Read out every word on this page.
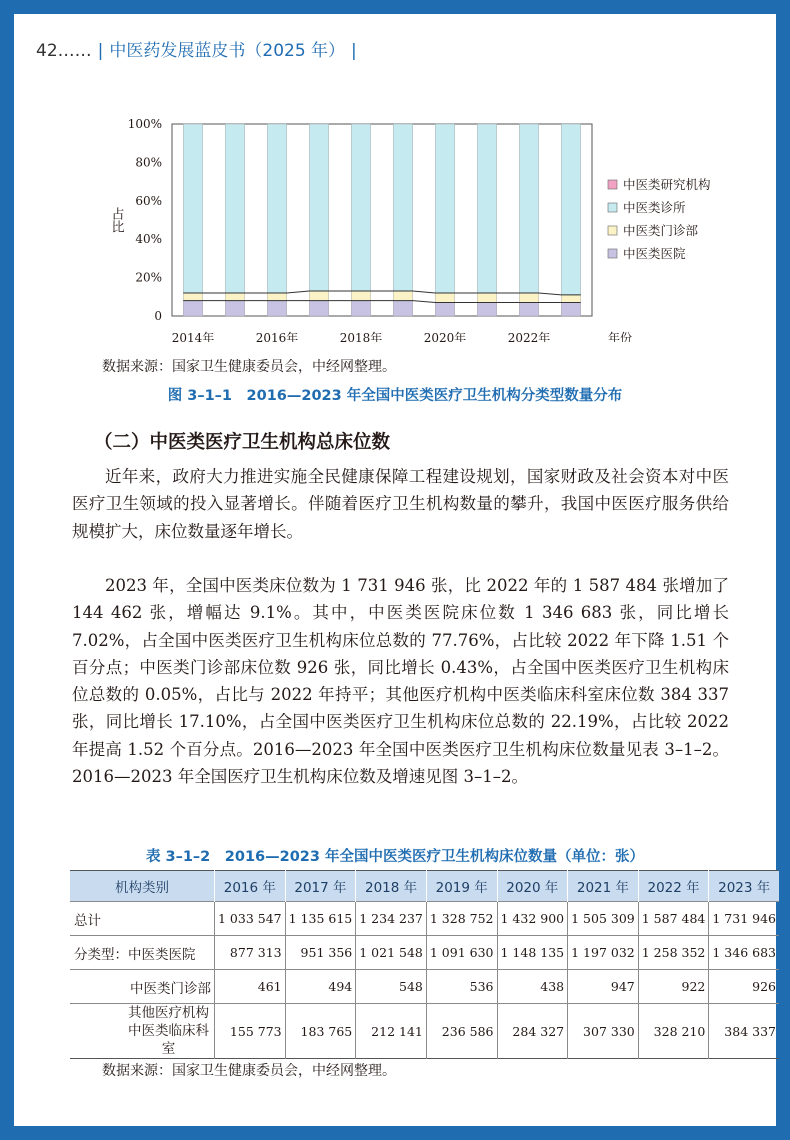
42…… | 中医药发展蓝皮书（2025 年） |
0
20%
40%
60%
80%
100%
占比
2014年	2016年	2018年	2020年	2022年	年份
中医类研究机构
中医类诊所
中医类门诊部
中医类医院
数据来源：国家卫生健康委员会，中经网整理。
图 3–1–1　2016—2023 年全国中医类医疗卫生机构分类型数量分布
（二）中医类医疗卫生机构总床位数

近年来，政府大力推进实施全民健康保障工程建设规划，国家财政及社会资本对中医医疗卫生领域的投入显著增长。伴随着医疗卫生机构数量的攀升，我国中医医疗服务供给规模扩大，床位数量逐年增长。

2023 年，全国中医类床位数为 1 731 946 张，比 2022 年的 1 587 484 张增加了 144 462 张，增幅达 9.1%。其中，中医类医院床位数 1 346 683 张，同比增长 7.02%，占全国中医类医疗卫生机构床位总数的 77.76%，占比较 2022 年下降 1.51 个百分点；中医类门诊部床位数 926 张，同比增长 0.43%，占全国中医类医疗卫生机构床位总数的 0.05%，占比与 2022 年持平；其他医疗机构中医类临床科室床位数 384 337 张，同比增长 17.10%，占全国中医类医疗卫生机构床位总数的 22.19%，占比较 2022 年提高 1.52 个百分点。2016—2023 年全国中医类医疗卫生机构床位数量见表 3–1–2。2016—2023 年全国医疗卫生机构床位数及增速见图 3–1–2。

表 3–1–2　2016—2023 年全国中医类医疗卫生机构床位数量（单位：张）
机构类别	2016 年	2017 年	2018 年	2019 年	2020 年	2021 年	2022 年	2023 年
总计	1 033 547	1 135 615	1 234 237	1 328 752	1 432 900	1 505 309	1 587 484	1 731 946
分类型：中医类医院	877 313	951 356	1 021 548	1 091 630	1 148 135	1 197 032	1 258 352	1 346 683
中医类门诊部	461	494	548	536	438	947	922	926
其他医疗机构中医类临床科室	155 773	183 765	212 141	236 586	284 327	307 330	328 210	384 337
数据来源：国家卫生健康委员会，中经网整理。
